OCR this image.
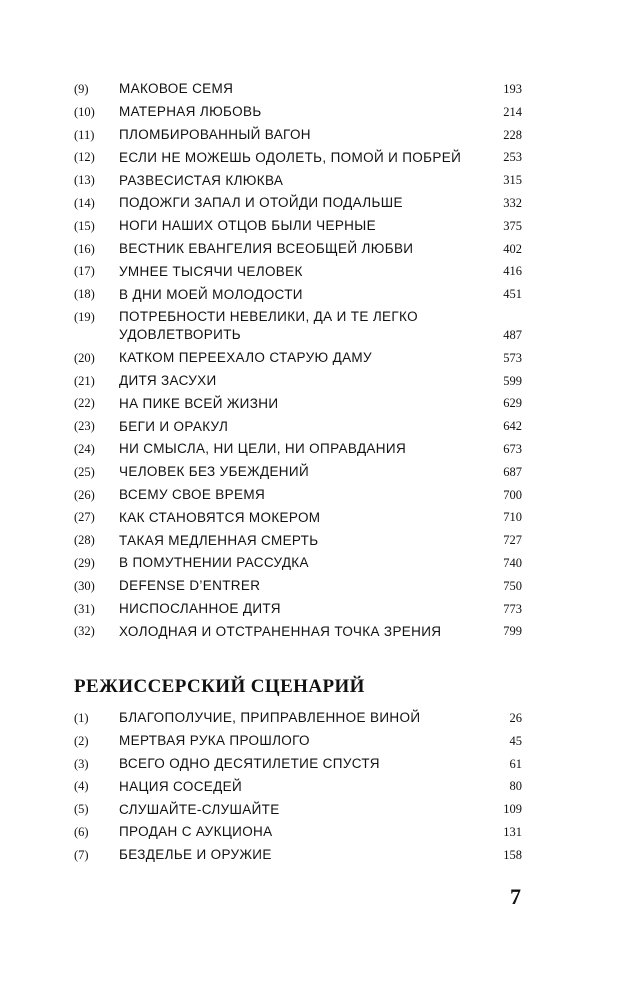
(9) МАКОВОЕ СЕМЯ	193
(10) МАТЕРНАЯ ЛЮБОВЬ	214
(11) ПЛОМБИРОВАННЫЙ ВАГОН	228
(12) ЕСЛИ НЕ МОЖЕШЬ ОДОЛЕТЬ, ПОМОЙ И ПОБРЕЙ	253
(13) РАЗВЕСИСТАЯ КЛЮКВА	315
(14) ПОДОЖГИ ЗАПАЛ И ОТОЙДИ ПОДАЛЬШЕ	332
(15) НОГИ НАШИХ ОТЦОВ БЫЛИ ЧЕРНЫЕ	375
(16) ВЕСТНИК ЕВАНГЕЛИЯ ВСЕОБЩЕЙ ЛЮБВИ	402
(17) УМНЕЕ ТЫСЯЧИ ЧЕЛОВЕК	416
(18) В ДНИ МОЕЙ МОЛОДОСТИ	451
(19) ПОТРЕБНОСТИ НЕВЕЛИКИ, ДА И ТЕ ЛЕГКО УДОВЛЕТВОРИТЬ	487
(20) КАТКОМ ПЕРЕЕХАЛО СТАРУЮ ДАМУ	573
(21) ДИТЯ ЗАСУХИ	599
(22) НА ПИКЕ ВСЕЙ ЖИЗНИ	629
(23) БЕГИ И ОРАКУЛ	642
(24) НИ СМЫСЛА, НИ ЦЕЛИ, НИ ОПРАВДАНИЯ	673
(25) ЧЕЛОВЕК БЕЗ УБЕЖДЕНИЙ	687
(26) ВСЕМУ СВОЕ ВРЕМЯ	700
(27) КАК СТАНОВЯТСЯ МОКЕРОМ	710
(28) ТАКАЯ МЕДЛЕННАЯ СМЕРТЬ	727
(29) В ПОМУТНЕНИИ РАССУДКА	740
(30) DEFENSE D’ENTRER	750
(31) НИСПОСЛАННОЕ ДИТЯ	773
(32) ХОЛОДНАЯ И ОТСТРАНЕННАЯ ТОЧКА ЗРЕНИЯ	799
РЕЖИССЕРСКИЙ СЦЕНАРИЙ
(1) БЛАГОПОЛУЧИЕ, ПРИПРАВЛЕННОЕ ВИНОЙ	26
(2) МЕРТВАЯ РУКА ПРОШЛОГО	45
(3) ВСЕГО ОДНО ДЕСЯТИЛЕТИЕ СПУСТЯ	61
(4) НАЦИЯ СОСЕДЕЙ	80
(5) СЛУШАЙТЕ-СЛУШАЙТЕ	109
(6) ПРОДАН С АУКЦИОНА	131
(7) БЕЗДЕЛЬЕ И ОРУЖИЕ	158
7
